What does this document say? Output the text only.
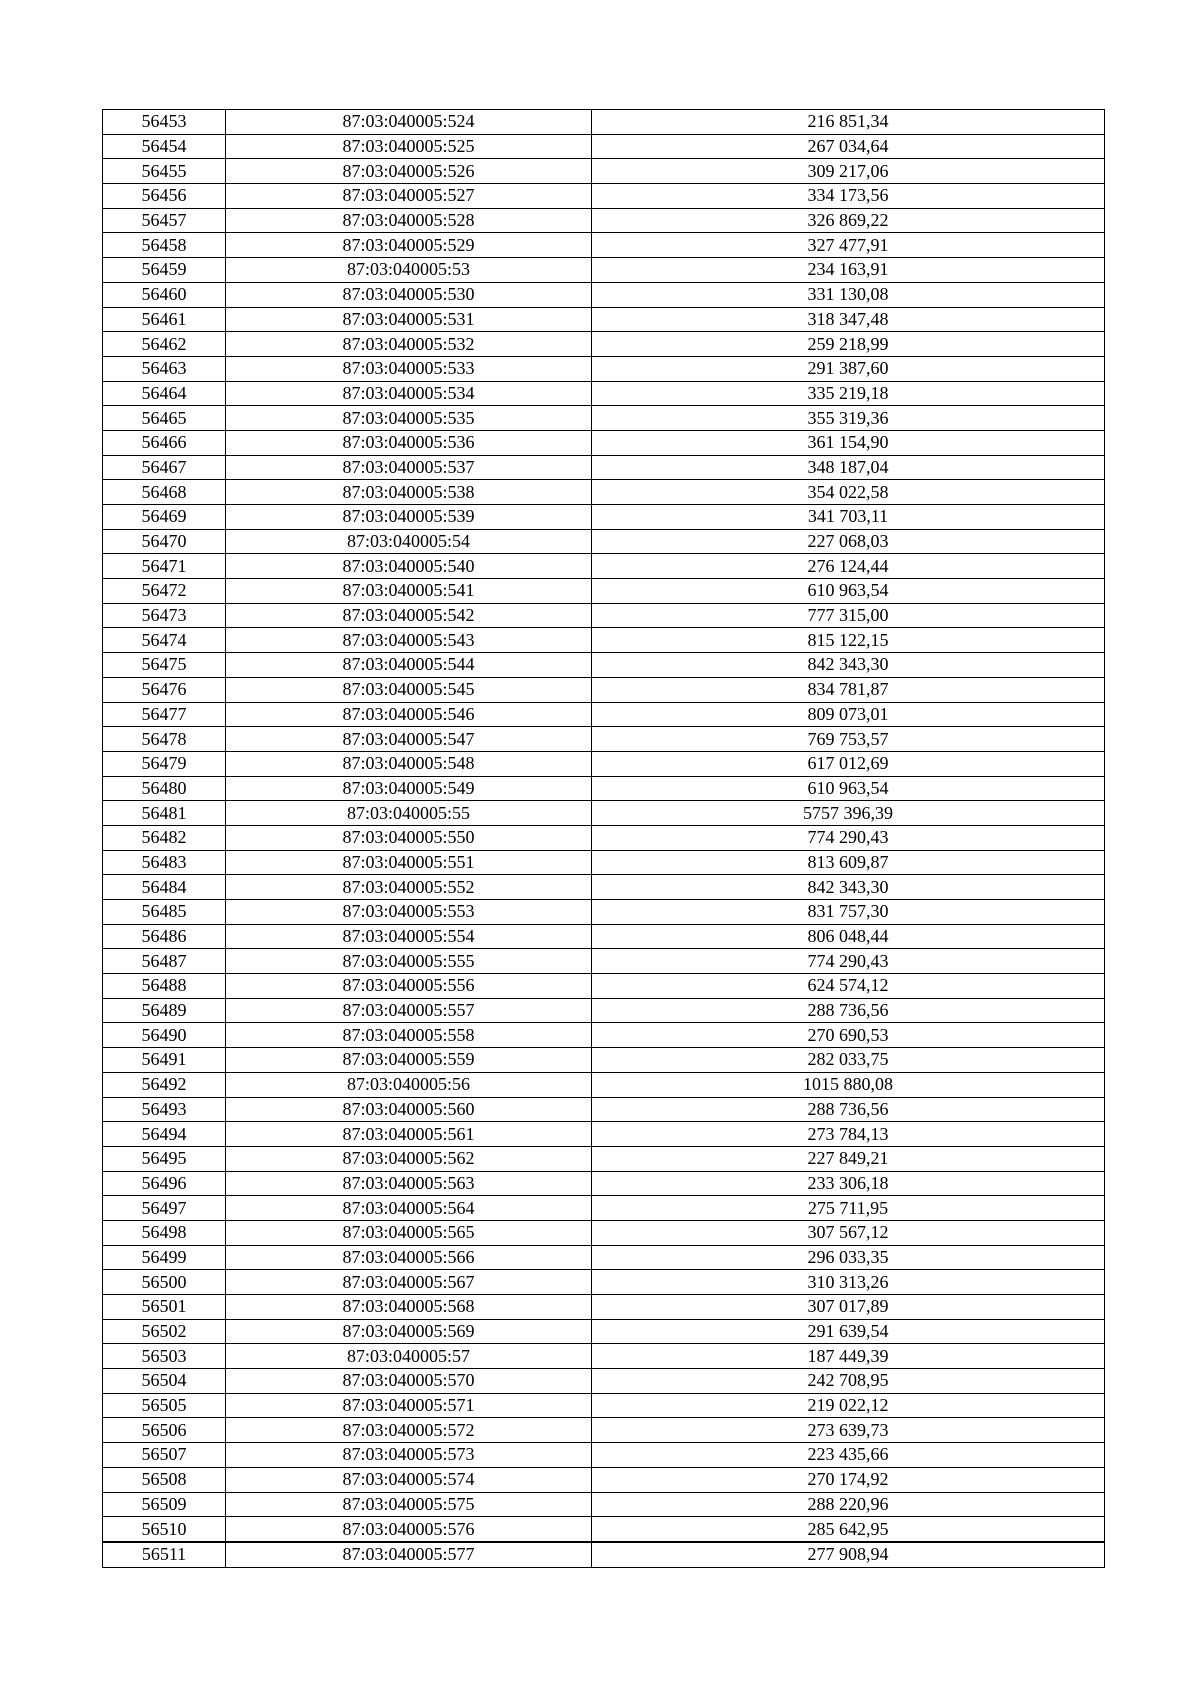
56453	87:03:040005:524	216 851,34
56454	87:03:040005:525	267 034,64
56455	87:03:040005:526	309 217,06
56456	87:03:040005:527	334 173,56
56457	87:03:040005:528	326 869,22
56458	87:03:040005:529	327 477,91
56459	87:03:040005:53	234 163,91
56460	87:03:040005:530	331 130,08
56461	87:03:040005:531	318 347,48
56462	87:03:040005:532	259 218,99
56463	87:03:040005:533	291 387,60
56464	87:03:040005:534	335 219,18
56465	87:03:040005:535	355 319,36
56466	87:03:040005:536	361 154,90
56467	87:03:040005:537	348 187,04
56468	87:03:040005:538	354 022,58
56469	87:03:040005:539	341 703,11
56470	87:03:040005:54	227 068,03
56471	87:03:040005:540	276 124,44
56472	87:03:040005:541	610 963,54
56473	87:03:040005:542	777 315,00
56474	87:03:040005:543	815 122,15
56475	87:03:040005:544	842 343,30
56476	87:03:040005:545	834 781,87
56477	87:03:040005:546	809 073,01
56478	87:03:040005:547	769 753,57
56479	87:03:040005:548	617 012,69
56480	87:03:040005:549	610 963,54
56481	87:03:040005:55	5757 396,39
56482	87:03:040005:550	774 290,43
56483	87:03:040005:551	813 609,87
56484	87:03:040005:552	842 343,30
56485	87:03:040005:553	831 757,30
56486	87:03:040005:554	806 048,44
56487	87:03:040005:555	774 290,43
56488	87:03:040005:556	624 574,12
56489	87:03:040005:557	288 736,56
56490	87:03:040005:558	270 690,53
56491	87:03:040005:559	282 033,75
56492	87:03:040005:56	1015 880,08
56493	87:03:040005:560	288 736,56
56494	87:03:040005:561	273 784,13
56495	87:03:040005:562	227 849,21
56496	87:03:040005:563	233 306,18
56497	87:03:040005:564	275 711,95
56498	87:03:040005:565	307 567,12
56499	87:03:040005:566	296 033,35
56500	87:03:040005:567	310 313,26
56501	87:03:040005:568	307 017,89
56502	87:03:040005:569	291 639,54
56503	87:03:040005:57	187 449,39
56504	87:03:040005:570	242 708,95
56505	87:03:040005:571	219 022,12
56506	87:03:040005:572	273 639,73
56507	87:03:040005:573	223 435,66
56508	87:03:040005:574	270 174,92
56509	87:03:040005:575	288 220,96
56510	87:03:040005:576	285 642,95
56511	87:03:040005:577	277 908,94
